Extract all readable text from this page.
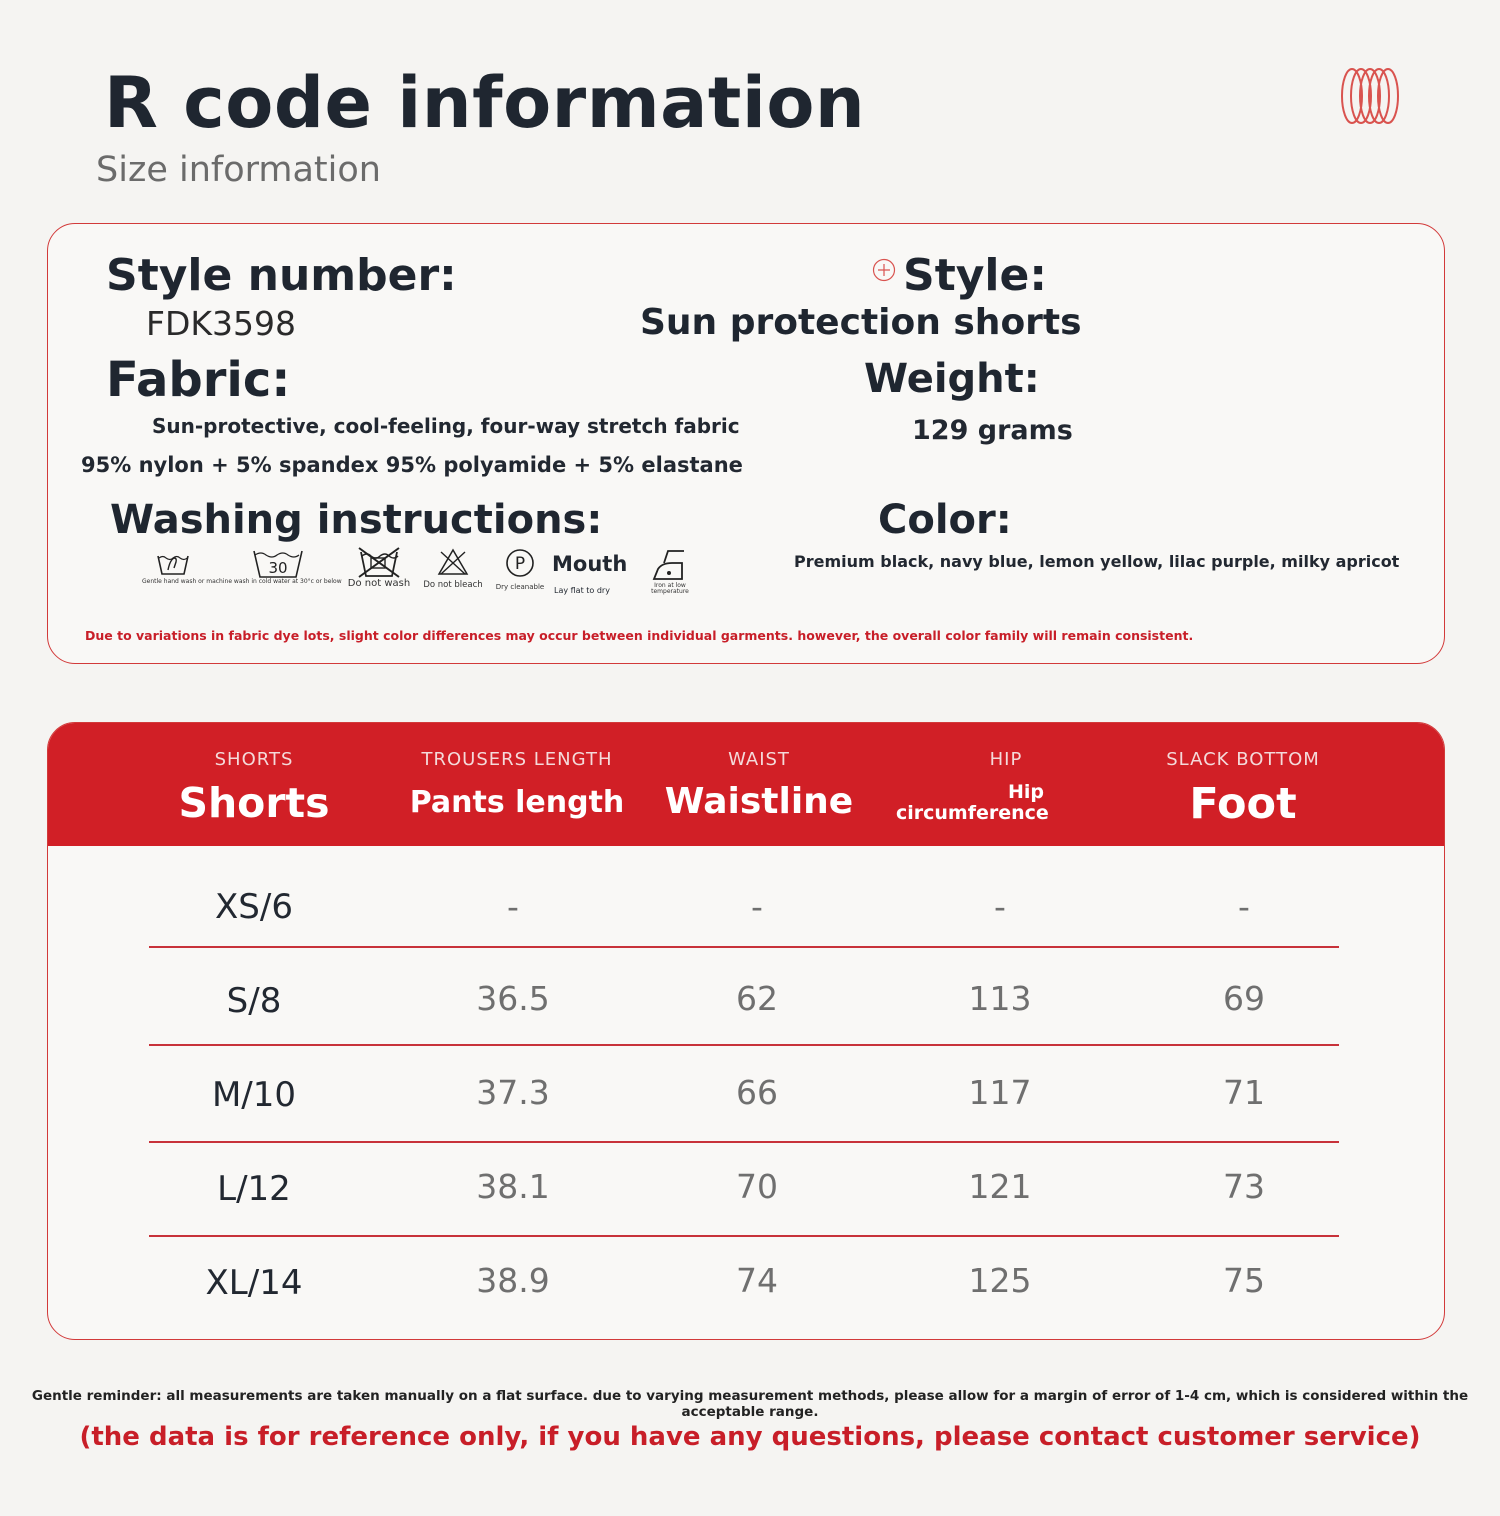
R code information
Size information
Style number:
FDK3598
Style:
Sun protection shorts
Fabric:
Sun-protective, cool-feeling, four-way stretch fabric
95% nylon + 5% spandex 95% polyamide + 5% elastane
Weight:
129 grams
Washing instructions:	Color:
Premium black, navy blue, lemon yellow, lilac purple, milky apricot
Gentle hand wash or machine wash in cold water at 30°c or below
30
Do not wash	Do not bleach
P
Dry cleanable
Mouth
Lay flat to dry
Iron at low temperature
Due to variations in fabric dye lots, slight color differences may occur between individual garments. however, the overall color family will remain consistent.
SHORTS
Shorts
TROUSERS LENGTH
Pants length
WAIST
Waistline
HIP
Hip
circumference
SLACK BOTTOM
Foot
XS/6	-	-	-	-
S/8	36.5	62	113	69
M/10	37.3	66	117	71
L/12	38.1	70	121	73
XL/14	38.9	74	125	75
Gentle reminder: all measurements are taken manually on a flat surface. due to varying measurement methods, please allow for a margin of error of 1-4 cm, which is considered within the acceptable range.
(the data is for reference only, if you have any questions, please contact customer service)
